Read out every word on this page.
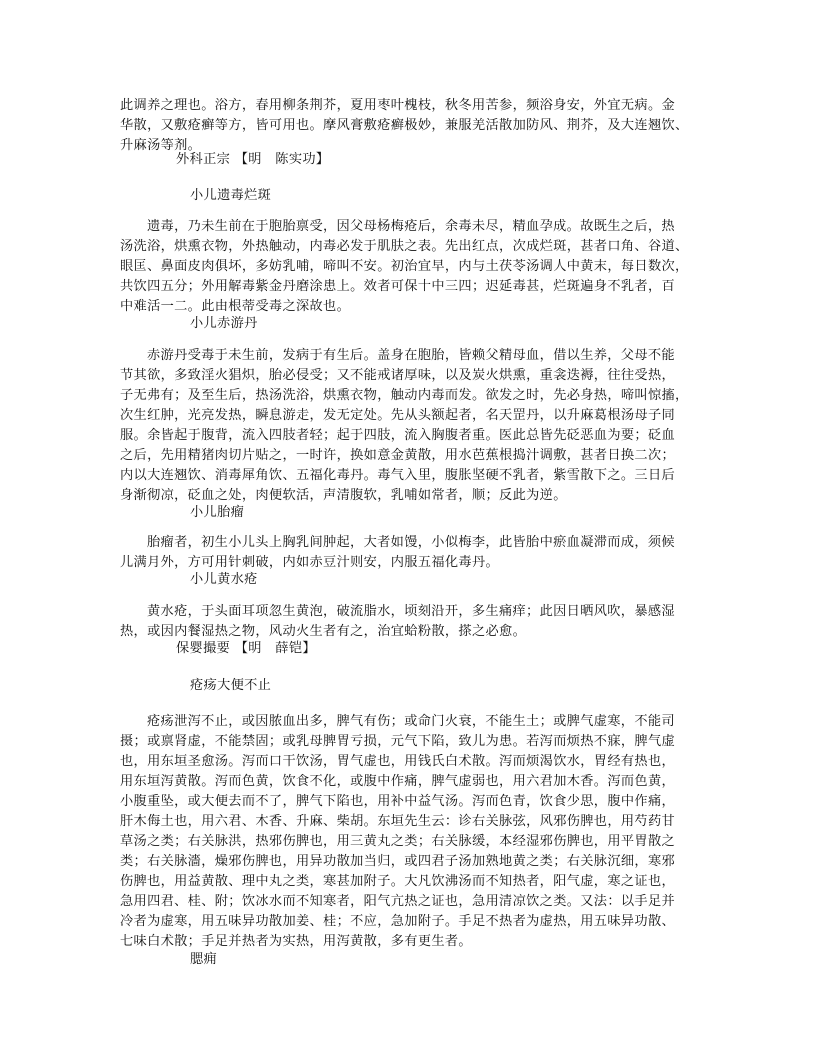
此调养之理也。浴方，春用柳条荆芥，夏用枣叶槐枝，秋冬用苦参，频浴身安，外宜无病。金
华散，又敷疮癣等方，皆可用也。摩风膏敷疮癣极妙，兼服羌活散加防风、荆芥，及大连翘饮、
升麻汤等剂。
外科正宗 【明　陈实功】
小儿遗毒烂斑
遗毒，乃未生前在于胞胎禀受，因父母杨梅疮后，余毒未尽，精血孕成。故既生之后，热
汤洗浴，烘熏衣物，外热触动，内毒必发于肌肤之表。先出红点，次成烂斑，甚者口角、谷道、
眼匡、鼻面皮肉俱坏，多妨乳哺，啼叫不安。初治宜早，内与土茯苓汤调人中黄末，每日数次，
共饮四五分；外用解毒紫金丹磨涂患上。效者可保十中三四；迟延毒甚，烂斑遍身不乳者，百
中难活一二。此由根蒂受毒之深故也。
小儿赤游丹
赤游丹受毒于未生前，发病于有生后。盖身在胞胎，皆赖父精母血，借以生养，父母不能
节其欲，多致淫火猖炽，胎必侵受；又不能戒诸厚味，以及炭火烘熏，重衾迭褥，往往受热，
子无弗有；及至生后，热汤洗浴，烘熏衣物，触动内毒而发。欲发之时，先必身热，啼叫惊搐，
次生红肿，光亮发热，瞬息游走，发无定处。先从头额起者，名天罡丹，以升麻葛根汤母子同
服。余皆起于腹背，流入四肢者轻；起于四肢，流入胸腹者重。医此总皆先砭恶血为要；砭血
之后，先用精猪肉切片贴之，一时许，换如意金黄散，用水芭蕉根捣汁调敷，甚者日换二次；
内以大连翘饮、消毒犀角饮、五福化毒丹。毒气入里，腹胀坚硬不乳者，紫雪散下之。三日后
身渐彻凉，砭血之处，肉便软活，声清腹软，乳哺如常者，顺；反此为逆。
小儿胎瘤
胎瘤者，初生小儿头上胸乳间肿起，大者如馒，小似梅李，此皆胎中瘀血凝滞而成，须候
儿满月外，方可用针刺破，内如赤豆汁则安，内服五福化毒丹。
小儿黄水疮
黄水疮，于头面耳项忽生黄泡，破流脂水，顷刻沿开，多生痛痒；此因日晒风吹，暴感湿
热，或因内餐湿热之物，风动火生者有之，治宜蛤粉散，搽之必愈。
保婴撮要 【明　薛铠】
疮疡大便不止
疮疡泄泻不止，或因脓血出多，脾气有伤；或命门火衰，不能生土；或脾气虚寒，不能司
摄；或禀肾虚，不能禁固；或乳母脾胃亏损，元气下陷，致儿为患。若泻而烦热不寐，脾气虚
也，用东垣圣愈汤。泻而口干饮汤，胃气虚也，用钱氏白术散。泻而烦渴饮水，胃经有热也，
用东垣泻黄散。泻而色黄，饮食不化，或腹中作痛，脾气虚弱也，用六君加木香。泻而色黄，
小腹重坠，或大便去而不了，脾气下陷也，用补中益气汤。泻而色青，饮食少思，腹中作痛，
肝木侮土也，用六君、木香、升麻、柴胡。东垣先生云：诊右关脉弦，风邪伤脾也，用芍药甘
草汤之类；右关脉洪，热邪伤脾也，用三黄丸之类；右关脉缓，本经湿邪伤脾也，用平胃散之
类；右关脉濇，燥邪伤脾也，用异功散加当归，或四君子汤加熟地黄之类；右关脉沉细，寒邪
伤脾也，用益黄散、理中丸之类，寒甚加附子。大凡饮沸汤而不知热者，阳气虚，寒之证也，
急用四君、桂、附；饮冰水而不知寒者，阳气亢热之证也，急用清凉饮之类。又法：以手足并
冷者为虚寒，用五味异功散加姜、桂；不应，急加附子。手足不热者为虚热，用五味异功散、
七味白术散；手足并热者为实热，用泻黄散，多有更生者。
腮痈
